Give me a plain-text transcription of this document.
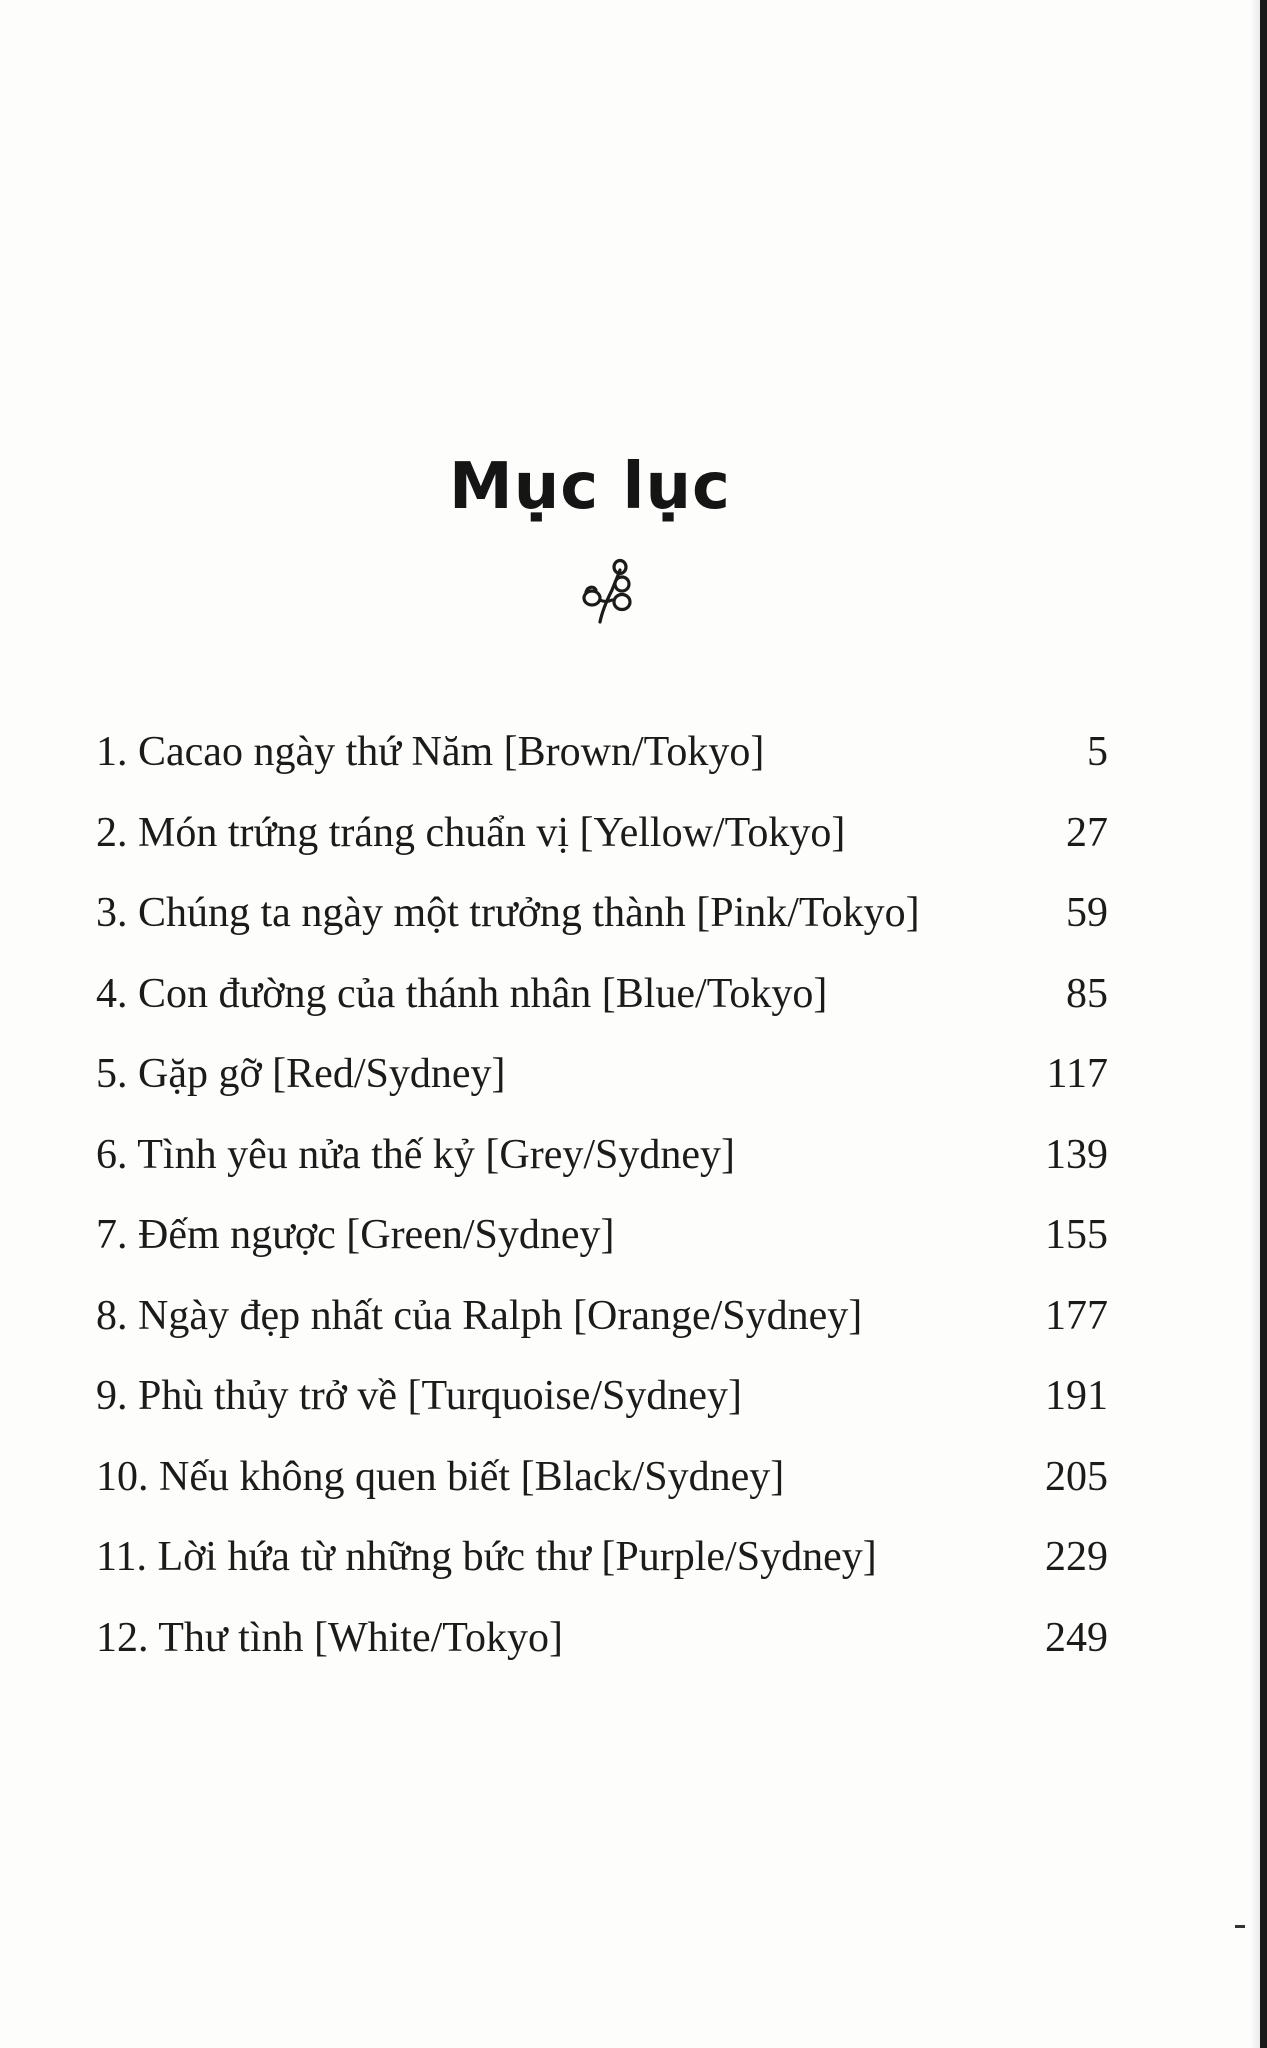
Mục lục
1. Cacao ngày thứ Năm [Brown/Tokyo]	5
2. Món trứng tráng chuẩn vị [Yellow/Tokyo]	27
3. Chúng ta ngày một trưởng thành [Pink/Tokyo]	59
4. Con đường của thánh nhân [Blue/Tokyo]	85
5. Gặp gỡ [Red/Sydney]	117
6. Tình yêu nửa thế kỷ [Grey/Sydney]	139
7. Đếm ngược [Green/Sydney]	155
8. Ngày đẹp nhất của Ralph [Orange/Sydney]	177
9. Phù thủy trở về [Turquoise/Sydney]	191
10. Nếu không quen biết [Black/Sydney]	205
11. Lời hứa từ những bức thư [Purple/Sydney]	229
12. Thư tình [White/Tokyo]	249
